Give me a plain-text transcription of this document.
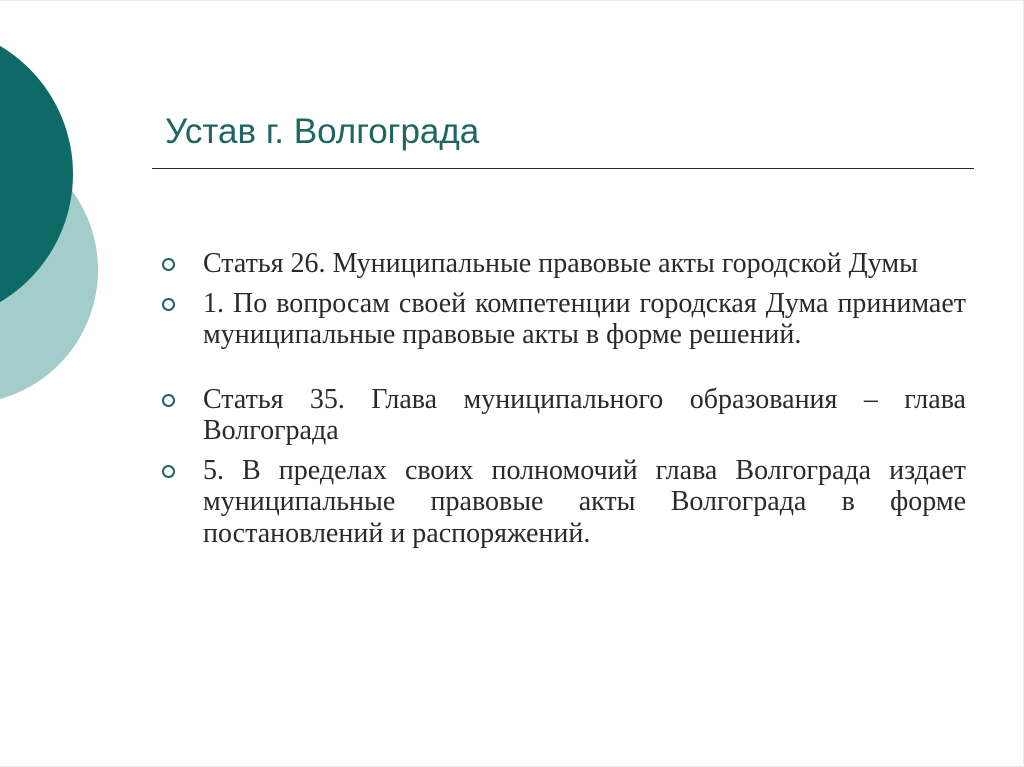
Устав г. Волгограда
Статья 26. Муниципальные правовые акты городской Думы
1. По вопросам своей компетенции городская Дума принимает муниципальные правовые акты в форме решений.
Статья 35. Глава муниципального образования – глава Волгограда
5. В пределах своих полномочий глава Волгограда издает муниципальные правовые акты Волгограда в форме постановлений и распоряжений.
